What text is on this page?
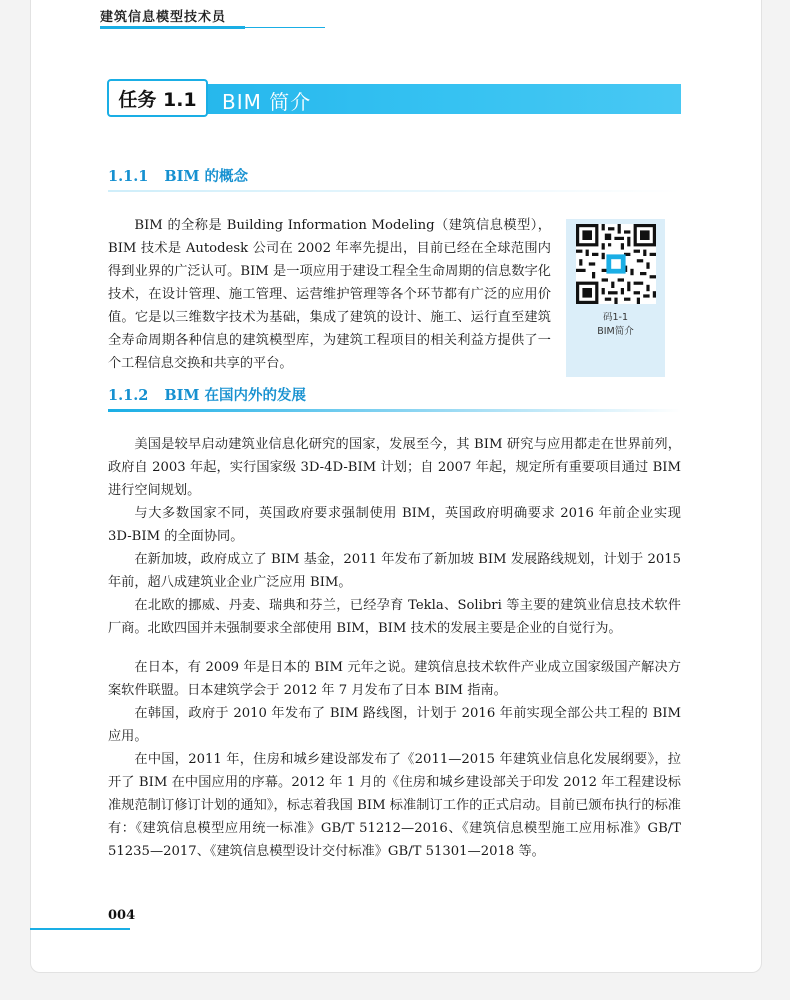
建筑信息模型技术员
任务 1.1	BIM 简介
1.1.1 BIM 的概念

BIM 的全称是 Building Information Modeling（建筑信息模型），BIM 技术是 Autodesk 公司在 2002 年率先提出，目前已经在全球范围内得到业界的广泛认可。BIM 是一项应用于建设工程全生命周期的信息数字化技术，在设计管理、施工管理、运营维护管理等各个环节都有广泛的应用价值。它是以三维数字技术为基础，集成了建筑的设计、施工、运行直至建筑全寿命周期各种信息的建筑模型库，为建筑工程项目的相关利益方提供了一个工程信息交换和共享的平台。

码1-1
BIM简介
1.1.2 BIM 在国内外的发展

美国是较早启动建筑业信息化研究的国家，发展至今，其 BIM 研究与应用都走在世界前列，政府自 2003 年起，实行国家级 3D-4D-BIM 计划；自 2007 年起，规定所有重要项目通过 BIM 进行空间规划。

与大多数国家不同，英国政府要求强制使用 BIM，英国政府明确要求 2016 年前企业实现 3D-BIM 的全面协同。

在新加坡，政府成立了 BIM 基金，2011 年发布了新加坡 BIM 发展路线规划，计划于 2015 年前，超八成建筑业企业广泛应用 BIM。

在北欧的挪威、丹麦、瑞典和芬兰，已经孕育 Tekla、Solibri 等主要的建筑业信息技术软件厂商。北欧四国并未强制要求全部使用 BIM，BIM 技术的发展主要是企业的自觉行为。

在日本，有 2009 年是日本的 BIM 元年之说。建筑信息技术软件产业成立国家级国产解决方案软件联盟。日本建筑学会于 2012 年 7 月发布了日本 BIM 指南。

在韩国，政府于 2010 年发布了 BIM 路线图，计划于 2016 年前实现全部公共工程的 BIM 应用。

在中国，2011 年，住房和城乡建设部发布了《2011—2015 年建筑业信息化发展纲要》，拉开了 BIM 在中国应用的序幕。2012 年 1 月的《住房和城乡建设部关于印发 2012 年工程建设标准规范制订修订计划的通知》，标志着我国 BIM 标准制订工作的正式启动。目前已颁布执行的标准有：《建筑信息模型应用统一标准》GB/T 51212—2016、《建筑信息模型施工应用标准》GB/T 51235—2017、《建筑信息模型设计交付标准》GB/T 51301—2018 等。

004
